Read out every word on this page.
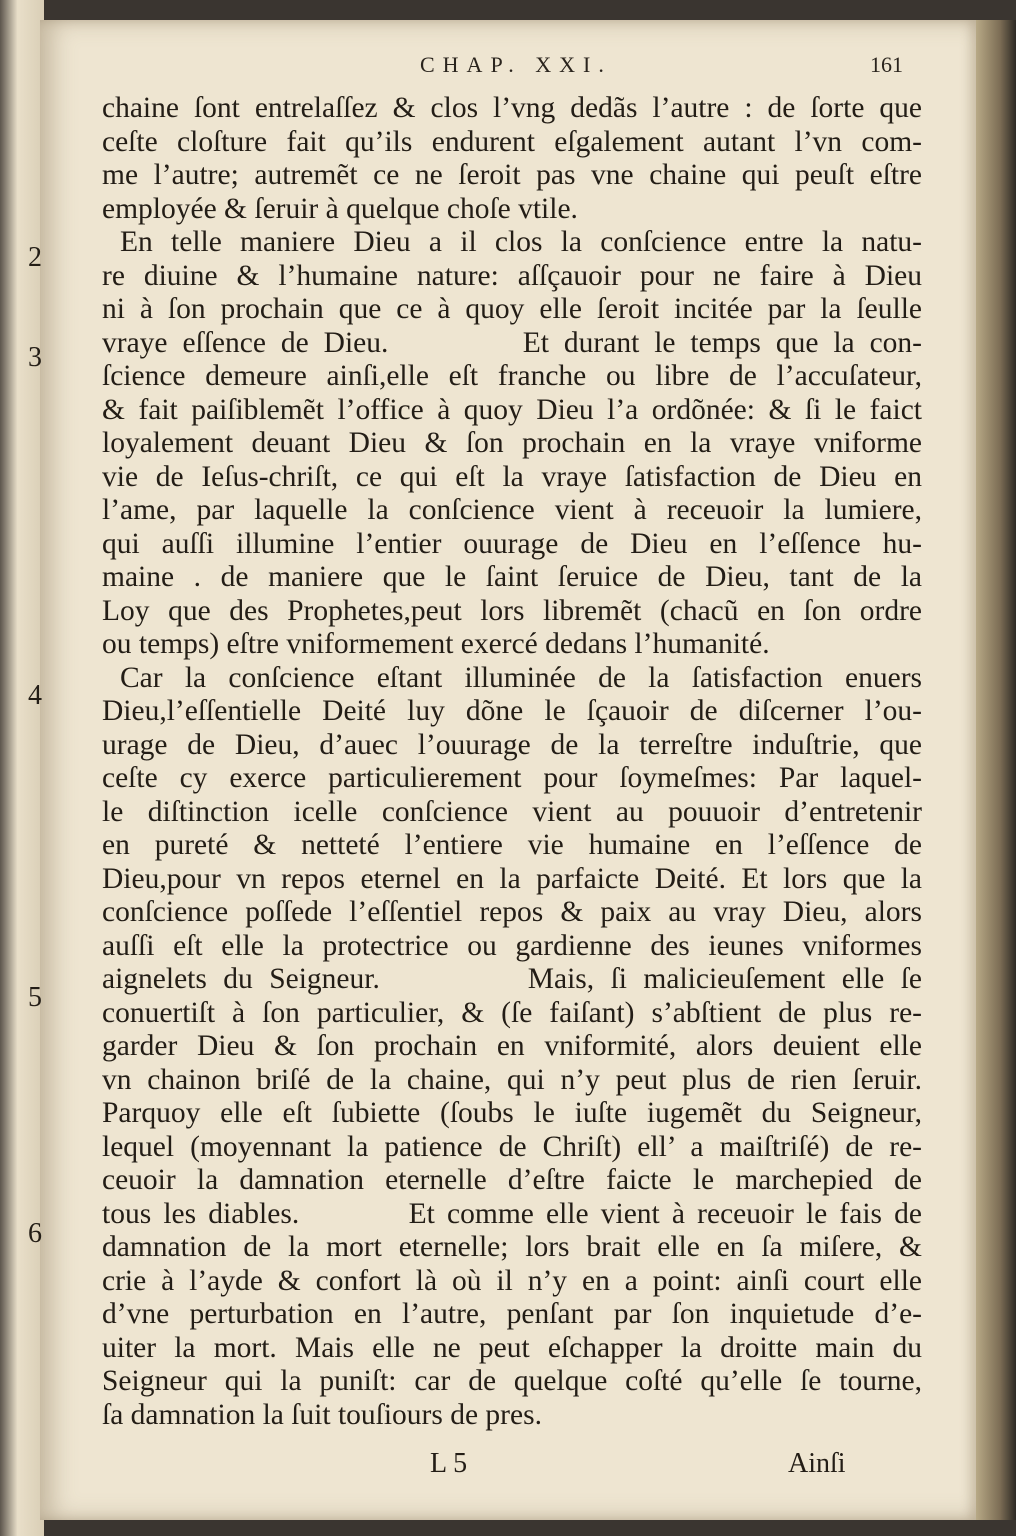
CHAP. XXI.	161
2
3
4
5
6
chaine ſont entrelaſſez & clos l’vng dedãs l’autre : de ſorte que
ceſte cloſture fait qu’ils endurent eſgalement autant l’vn com-
me l’autre; autremẽt ce ne ſeroit pas vne chaine qui peuſt eſtre
employée & ſeruir à quelque choſe vtile.
En telle maniere Dieu a il clos la conſcience entre la natu-
re diuine & l’humaine nature: aſſçauoir pour ne faire à Dieu
ni à ſon prochain que ce à quoy elle ſeroit incitée par la ſeulle
vraye eſſence de Dieu.         Et durant le temps que la con-
ſcience demeure ainſi,elle eſt franche ou libre de l’accuſateur,
& fait paiſiblemẽt l’office à quoy Dieu l’a ordõnée: & ſi le faict
loyalement deuant Dieu & ſon prochain en la vraye vniforme
vie de Ieſus-chriſt, ce qui eſt la vraye ſatisfaction de Dieu en
l’ame, par laquelle la conſcience vient à receuoir la lumiere,
qui auſſi illumine l’entier ouurage de Dieu en l’eſſence hu-
maine . de maniere que le ſaint ſeruice de Dieu, tant de la
Loy que des Prophetes,peut lors libremẽt (chacũ en ſon ordre
ou temps) eſtre vniformement exercé dedans l’humanité.
Car la conſcience eſtant illuminée de la ſatisfaction enuers
Dieu,l’eſſentielle Deité luy dõne le ſçauoir de diſcerner l’ou-
urage de Dieu, d’auec l’ouurage de la terreſtre induſtrie, que
ceſte cy exerce particulierement pour ſoymeſmes: Par laquel-
le diſtinction icelle conſcience vient au pouuoir d’entretenir
en pureté & netteté l’entiere vie humaine en l’eſſence de
Dieu,pour vn repos eternel en la parfaicte Deité. Et lors que la
conſcience poſſede l’eſſentiel repos & paix au vray Dieu, alors
auſſi eſt elle la protectrice ou gardienne des ieunes vniformes
aignelets du Seigneur.         Mais, ſi malicieuſement elle ſe
conuertiſt à ſon particulier, & (ſe faiſant) s’abſtient de plus re-
garder Dieu & ſon prochain en vniformité, alors deuient elle
vn chainon briſé de la chaine, qui n’y peut plus de rien ſeruir.
Parquoy elle eſt ſubiette (ſoubs le iuſte iugemẽt du Seigneur,
lequel (moyennant la patience de Chriſt) ell’ a maiſtriſé) de re-
ceuoir la damnation eternelle d’eſtre faicte le marchepied de
tous les diables.         Et comme elle vient à receuoir le fais de
damnation de la mort eternelle; lors brait elle en ſa miſere, &
crie à l’ayde & confort là où il n’y en a point: ainſi court elle
d’vne perturbation en l’autre, penſant par ſon inquietude d’e-
uiter la mort. Mais elle ne peut eſchapper la droitte main du
Seigneur qui la puniſt: car de quelque coſté qu’elle ſe tourne,
ſa damnation la ſuit touſiours de pres.
L 5	Ainſi
